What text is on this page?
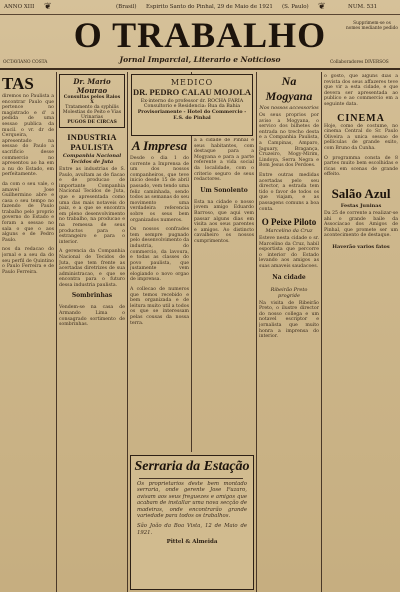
ANNO XIII ❦	(Brasil) Espirito Santo do Pinhal, 29 de Maio de 1921 (S. Paulo) ❦	NUM. 531
O TRABALHO
Jornal Imparcial, Literario e Noticioso
OCTAVIANO COSTA	Collaboradores DIVERSOS
Supprimem-se os nomes mediante pedido

TAS

diremos no Paulista a encontrar Paulo que pertence no magistrado e d' a pedida de uma sessao publica da mucil. o vr. dr de Cerqueira, apresentado na sessao do Paulo a sacrificio desse commercio no apresentou ao ha em a nu do Estado, em perfeitamente.

da com o seu vale, o amavel Jose Guilhermino abre e casa o seu tempo no fazendo de Paulo trabalho pelo proprio governo do Estado e foram a sessao no sala o que o aos alguns e de Pedro Paulo.

nos da redacao do jornal e a seu da do seu perfil de Quintino o Paulo Ferreira e de Paulo Ferreira.

Dr. Mario Mourao
Consultas pelos Raios X
Tratamento da syphilis
Molestias do Peito e Vias Urinarias
PUGOS DE CIRCAS

INDUSTRIA PAULISTA

Companhia Nacional Tecidos de Juta

Entre as industrias de S. Paulo, avultam as de fiacao e de producao de importante Companhia Nacional Tecidos de Juta, que e apresentada como uma das mais notaveis do paiz, e a que se encontra em pleno desenvolvimento no trabalho, na producao e na remessa de seus productos para o estrangeiro e para o interior.

A gerencia da Companhia Nacional de Tecidos de Juta, que tem frente as acertadas diretrizes de sua administracao, e que se encontra para o futuro dessa industria paulista.

Sombrinhas

Vendem-se na casa de Armando Lima o consagrado sortimento de sombrinhas.

MEDICO
DR. PEDRO CALAU MOJOLA
Ex-interno do professor dr. ROCHA FARIA
Consultorio e Residencia: Rua da Bahia
Provisoriamente - Hotel do Commercio - E.S. do Pinhal

A Impresa

Desde o dia 1 do corrente a Imprensa de um dos nossos companheiros, que teve inicio desde 15 de abril passado, vem tendo uma feliz caminhada, sendo todos as semanas do seu movimento uma verdadeira referencia sobre os seus bem organizados numeros.

Os nossos confrades tem sempre pugnado pelo desenvolvimento da industria, do commercio, da lavoura, e todas as classes do povo paulista, que justamente vem elogiando o novo orgao de imprensa.

A collecao de numeros que temos recebido e bem organizada e de leitura muito util a todos os que se interessam pelas cousas da nossa terra.

a a cidade de Pinhal e seus habitantes, com destaque para a Mogyana e para a parte referente a vida social da localidade, com o criterio seguro de seus redactores.

Um Sonolento

Esta na cidade o nosso jovem amigo Eduardo Barroso, que aqui vem passar alguns dias em visita aos seus parentes e amigos. Ao distincto cavalheiro os nossos cumprimentos.

Serraria da Estação

Os proprietarios deste bem montado serraria, onde gerente Jose Fuzaro, avisam aos seus freguezes e amigos que acabam de installar uma nova secção de madeiras, onde encontrarão grande variedade para todos os trabalhos.

São João da Boa Vista, 12 de Maio de 1921.

Pittel & Almeida

Na Mogyana

Nos nossos accessorios

Os seus proprios por aviso a Mogyana, o servico dos bilhetes de entrada no trecho desta e a Companhia Paulista, a Campinas, Amparo, Jaguary, Bragança, Cruzeiro, Mogy-Mirim, Lindoya, Serra Negra e Bom Jesus dos Perdoes.

Entre outras medidas acertadas pelo seu director, a estrada tem tido o favor de todos os que viajam, e as passagens comuns a boa conta.

O Peixe Piloto

Marcelino da Cruz

Esteve nesta cidade o sr. Marcelino da Cruz, habil esportista que percorre o interior do Estado levando aos amigos as suas amaveis saudacoes.

Na cidade

Ribeirão Preto progride

Na visita de Ribeirão Preto, o ilustre director do nosso collega e um notavel escriptor e jornalista que muito honra a imprensa do interior.

o gosto, que alguns dias a revista dos seus affazeres teve que vir a esta cidade, e que devera ser apresentada ao publico e ao commercio em a seguinte data.

CINEMA

Hoje, como de costume, no cinema Central do Sr. Paulo Oliveira a unica sessao de pelliculas de grande exito, com Bruno da Cunha.

O programma consta de 8 partes muito bem escolhidas e ricas em scenas de grande effeito.

Salão Azul

Festas Juninas

Da 25 de corrente a realizar-se ahi o grande baile da Associacao dos Amigos de Pinhal, que promete ser um acontecimento de destaque.

Haverão varios fatos
